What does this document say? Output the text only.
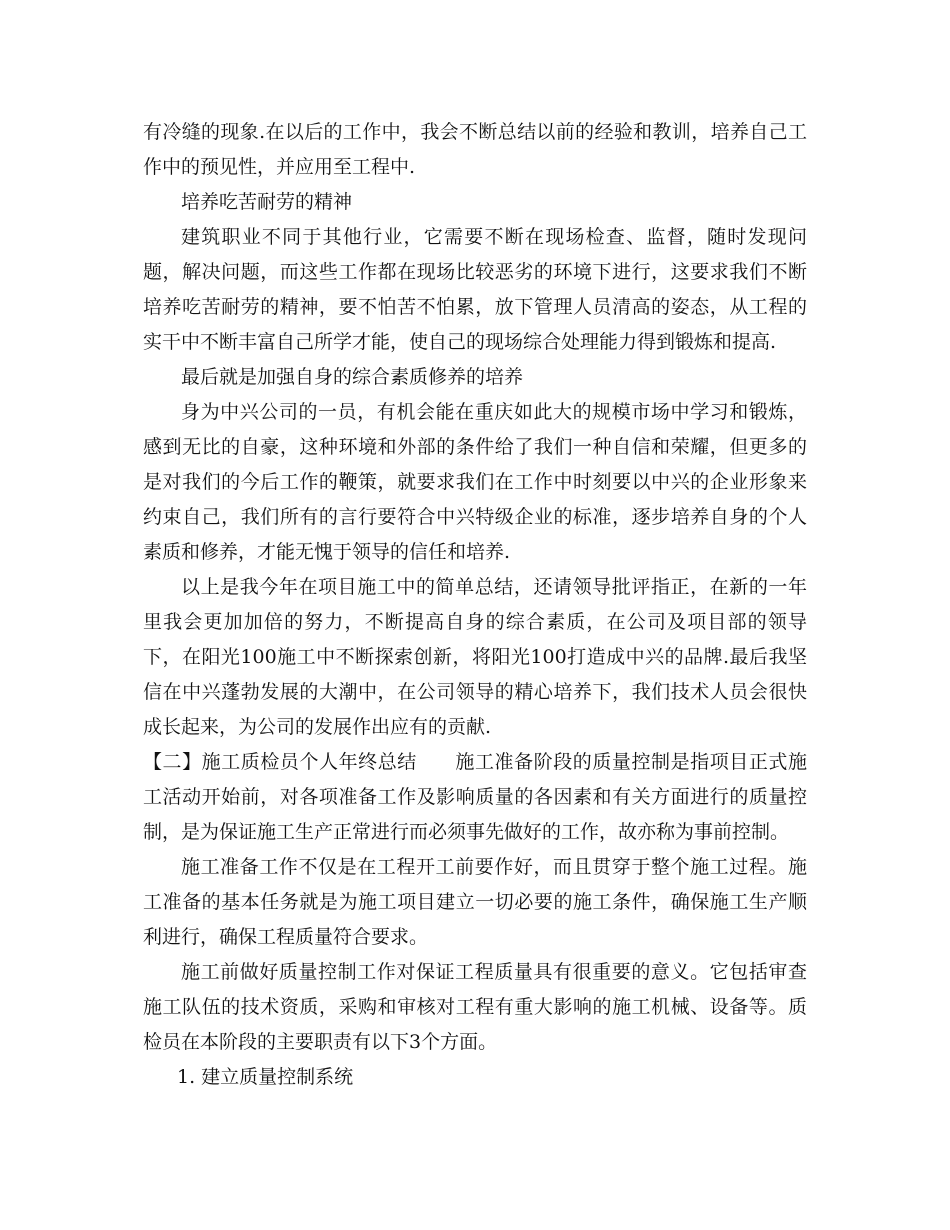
有冷缝的现象.在以后的工作中，我会不断总结以前的经验和教训，培养自己工作中的预见性，并应用至工程中.

培养吃苦耐劳的精神

建筑职业不同于其他行业，它需要不断在现场检查、监督，随时发现问题，解决问题，而这些工作都在现场比较恶劣的环境下进行，这要求我们不断培养吃苦耐劳的精神，要不怕苦不怕累，放下管理人员清高的姿态，从工程的实干中不断丰富自己所学才能，使自己的现场综合处理能力得到锻炼和提高.

最后就是加强自身的综合素质修养的培养

身为中兴公司的一员，有机会能在重庆如此大的规模市场中学习和锻炼，感到无比的自豪，这种环境和外部的条件给了我们一种自信和荣耀，但更多的是对我们的今后工作的鞭策，就要求我们在工作中时刻要以中兴的企业形象来约束自己，我们所有的言行要符合中兴特级企业的标准，逐步培养自身的个人素质和修养，才能无愧于领导的信任和培养.

以上是我今年在项目施工中的简单总结，还请领导批评指正，在新的一年里我会更加加倍的努力，不断提高自身的综合素质，在公司及项目部的领导下，在阳光100施工中不断探索创新，将阳光100打造成中兴的品牌.最后我坚信在中兴蓬勃发展的大潮中，在公司领导的精心培养下，我们技术人员会很快成长起来，为公司的发展作出应有的贡献.

【二】施工质检员个人年终总结 施工准备阶段的质量控制是指项目正式施工活动开始前，对各项准备工作及影响质量的各因素和有关方面进行的质量控制，是为保证施工生产正常进行而必须事先做好的工作，故亦称为事前控制。

施工准备工作不仅是在工程开工前要作好，而且贯穿于整个施工过程。施工准备的基本任务就是为施工项目建立一切必要的施工条件，确保施工生产顺利进行，确保工程质量符合要求。

施工前做好质量控制工作对保证工程质量具有很重要的意义。它包括审查施工队伍的技术资质，采购和审核对工程有重大影响的施工机械、设备等。质检员在本阶段的主要职责有以下3个方面。

1. 建立质量控制系统
